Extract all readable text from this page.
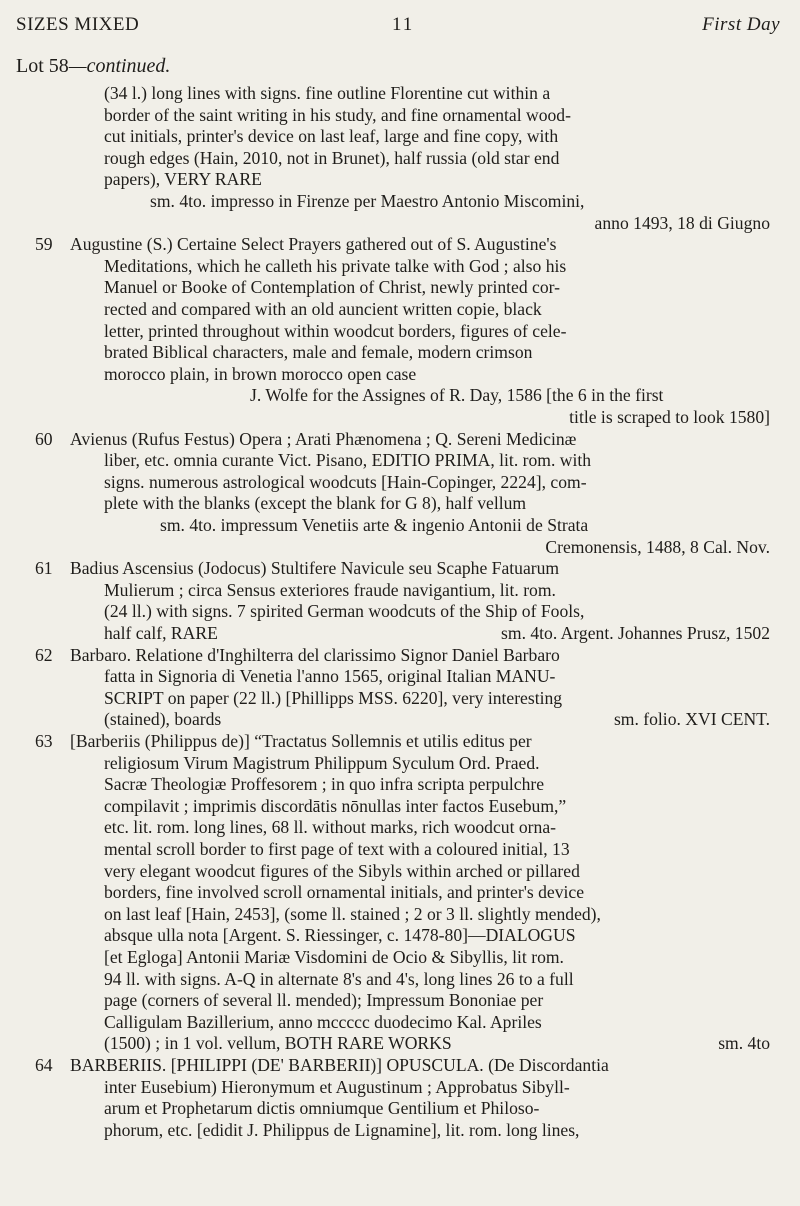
SIZES MIXED	11	First Day
Lot 58—continued.
(34 l.) long lines with signs. fine outline Florentine cut within a
border of the saint writing in his study, and fine ornamental wood-
cut initials, printer's device on last leaf, large and fine copy, with
rough edges (Hain, 2010, not in Brunet), half russia (old star end
papers), VERY RARE
sm. 4to. impresso in Firenze per Maestro Antonio Miscomini,
anno 1493, 18 di Giugno
59 Augustine (S.) Certaine Select Prayers gathered out of S. Augustine's
Meditations, which he calleth his private talke with God ; also his
Manuel or Booke of Contemplation of Christ, newly printed cor-
rected and compared with an old auncient written copie, black
letter, printed throughout within woodcut borders, figures of cele-
brated Biblical characters, male and female, modern crimson
morocco plain, in brown morocco open case
J. Wolfe for the Assignes of R. Day, 1586 [the 6 in the first
title is scraped to look 1580]
60 Avienus (Rufus Festus) Opera ; Arati Phænomena ; Q. Sereni Medicinæ
liber, etc. omnia curante Vict. Pisano, EDITIO PRIMA, lit. rom. with
signs. numerous astrological woodcuts [Hain-Copinger, 2224], com-
plete with the blanks (except the blank for G 8), half vellum
sm. 4to. impressum Venetiis arte & ingenio Antonii de Strata
Cremonensis, 1488, 8 Cal. Nov.
61 Badius Ascensius (Jodocus) Stultifere Navicule seu Scaphe Fatuarum
Mulierum ; circa Sensus exteriores fraude navigantium, lit. rom.
(24 ll.) with signs. 7 spirited German woodcuts of the Ship of Fools,
half calf, RARE	sm. 4to. Argent. Johannes Prusz, 1502
62 Barbaro. Relatione d'Inghilterra del clarissimo Signor Daniel Barbaro
fatta in Signoria di Venetia l'anno 1565, original Italian MANU-
SCRIPT on paper (22 ll.) [Phillipps MSS. 6220], very interesting
(stained), boards	sm. folio. XVI CENT.
63 [Barberiis (Philippus de)] “Tractatus Sollemnis et utilis editus per
religiosum Virum Magistrum Philippum Syculum Ord. Praed.
Sacræ Theologiæ Proffesorem ; in quo infra scripta perpulchre
compilavit ; imprimis discordātis nōnullas inter factos Eusebum,”
etc. lit. rom. long lines, 68 ll. without marks, rich woodcut orna-
mental scroll border to first page of text with a coloured initial, 13
very elegant woodcut figures of the Sibyls within arched or pillared
borders, fine involved scroll ornamental initials, and printer's device
on last leaf [Hain, 2453], (some ll. stained ; 2 or 3 ll. slightly mended),
absque ulla nota [Argent. S. Riessinger, c. 1478-80]—DIALOGUS
[et Egloga] Antonii Mariæ Visdomini de Ocio & Sibyllis, lit rom.
94 ll. with signs. A-Q in alternate 8's and 4's, long lines 26 to a full
page (corners of several ll. mended); Impressum Bononiae per
Calligulam Bazillerium, anno mccccc duodecimo Kal. Apriles
(1500) ; in 1 vol. vellum, BOTH RARE WORKS	sm. 4to
64 BARBERIIS. [PHILIPPI (DE' BARBERII)] OPUSCULA. (De Discordantia
inter Eusebium) Hieronymum et Augustinum ; Approbatus Sibyll-
arum et Prophetarum dictis omniumque Gentilium et Philoso-
phorum, etc. [edidit J. Philippus de Lignamine], lit. rom. long lines,
